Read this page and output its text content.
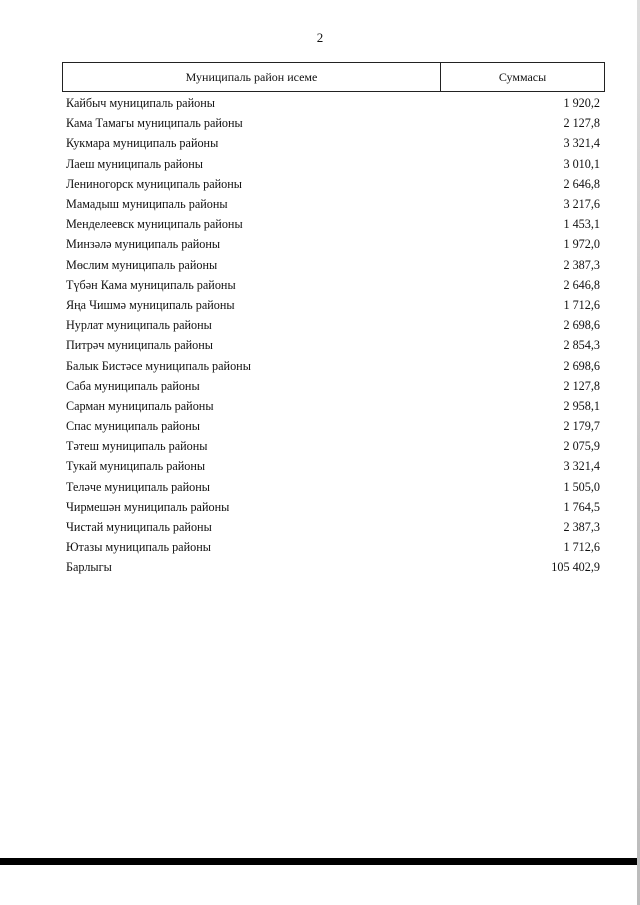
2
Муниципаль район исеме	Суммасы
Кайбыч муниципаль районы	1 920,2
Кама Тамагы муниципаль районы	2 127,8
Кукмара муниципаль районы	3 321,4
Лаеш муниципаль районы	3 010,1
Лениногорск муниципаль районы	2 646,8
Мамадыш муниципаль районы	3 217,6
Менделеевск муниципаль районы	1 453,1
Минзәлә муниципаль районы	1 972,0
Мөслим муниципаль районы	2 387,3
Түбән Кама муниципаль районы	2 646,8
Яңа Чишмә муниципаль районы	1 712,6
Нурлат муниципаль районы	2 698,6
Питрәч муниципаль районы	2 854,3
Балык Бистәсе муниципаль районы	2 698,6
Саба муниципаль районы	2 127,8
Сарман муниципаль районы	2 958,1
Спас муниципаль районы	2 179,7
Тәтеш муниципаль районы	2 075,9
Тукай муниципаль районы	3 321,4
Теләче муниципаль районы	1 505,0
Чирмешән муниципаль районы	1 764,5
Чистай муниципаль районы	2 387,3
Ютазы муниципаль районы	1 712,6
Барлыгы	105 402,9
